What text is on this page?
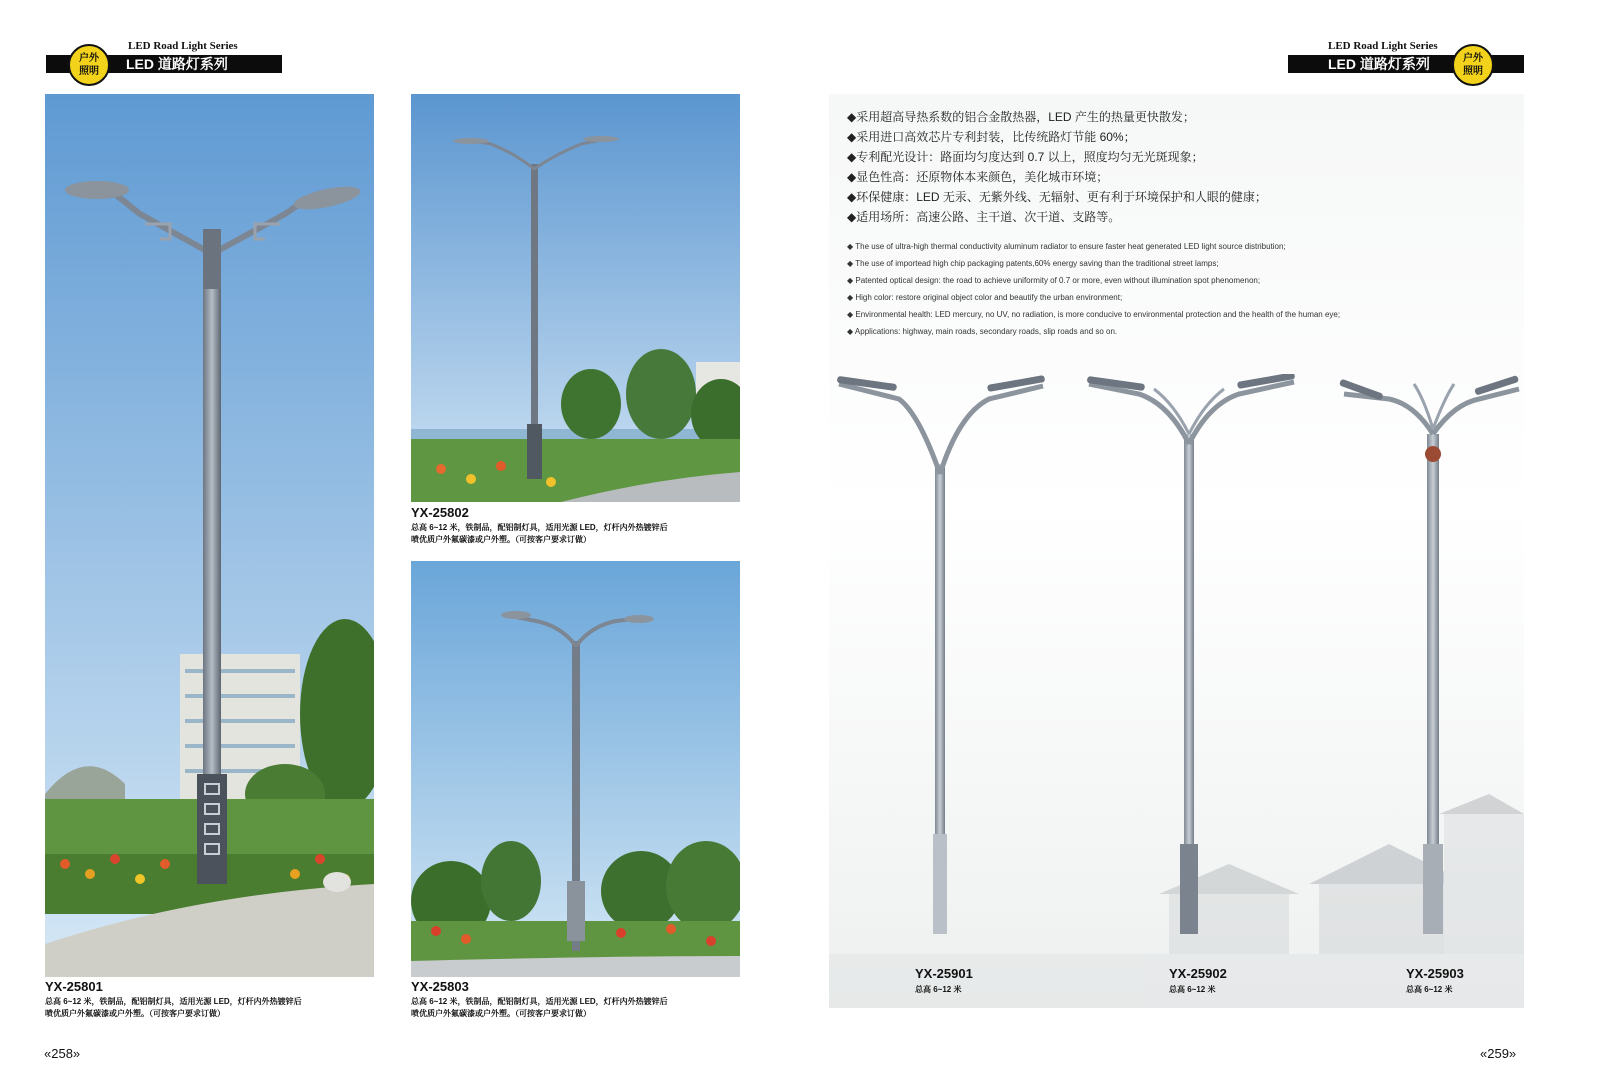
LED 道路灯系列
LED Road Light Series
户外
照明	LED 道路灯系列
LED Road Light Series
户外
照明
YX-25801
总高 6~12 米，铁制品，配铝制灯具，适用光源 LED，灯杆内外热镀锌后
喷优质户外氟碳漆或户外塑。（可按客户要求订做）
YX-25802
总高 6~12 米，铁制品，配铝制灯具，适用光源 LED，灯杆内外热镀锌后
喷优质户外氟碳漆或户外塑。（可按客户要求订做）
YX-25803
总高 6~12 米，铁制品，配铝制灯具，适用光源 LED，灯杆内外热镀锌后
喷优质户外氟碳漆或户外塑。（可按客户要求订做）
«258»
◆采用超高导热系数的铝合金散热器，LED 产生的热量更快散发；
◆采用进口高效芯片专利封装，比传统路灯节能 60%；
◆专利配光设计：路面均匀度达到 0.7 以上，照度均匀无光斑现象；
◆显色性高：还原物体本来颜色，美化城市环境；
◆环保健康：LED 无汞、无紫外线、无辐射、更有利于环境保护和人眼的健康；
◆适用场所：高速公路、主干道、次干道、支路等。
◆ The use of ultra-high thermal conductivity aluminum radiator to ensure faster heat generated LED light source distribution;
◆ The use of importead high chip packaging patents,60% energy saving than the traditional street lamps;
◆ Patented optical design: the road to achieve uniformity of 0.7 or more, even without illumination spot phenomenon;
◆ High color: restore original object color and beautify the urban environment;
◆ Environmental health: LED mercury, no UV, no radiation, is more conducive to environmental protection and the health of the human eye;
◆ Applications: highway, main roads, secondary roads, slip roads and so on.
YX-25901
总高 6~12 米
YX-25902
总高 6~12 米
YX-25903
总高 6~12 米
«259»
